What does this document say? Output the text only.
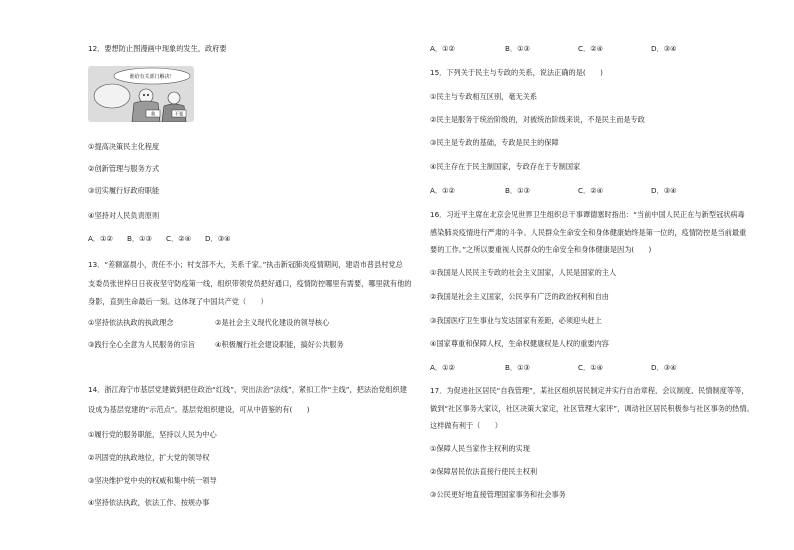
12．要想防止图漫画中现象的发生，政府要
谁给有关部门解决！
我	不要
①提高决策民主化程度
②创新管理与服务方式
③切实履行好政府职能
④坚持对人民负责原则
A．①② B．①③ C．②④ D．③④
13．“差额富晨小，责任不小；村支部不大，关系千家。”执击新冠肺炎疫情期间，建语市普县村党总
支委员张世梓日日夜夜坚守防疫第一线，组织带领党员把好通口，疫情防控哪里有需要，哪里就有他的
身影，直到生命最后一刻。这体现了中国共产党（　　）
①坚持依法执政的执政理念	②是社会主义现代化建设的领导核心
③践行全心全意为人民服务的宗旨	④积极履行社会建设职能，搞好公共服务
14．浙江海宁市基层党建做到把住政治“红线”，突出法治“法线”，紧扣工作“主线”，把法治党组织建
设成为基层党建的“示范点”。基层党组织建设，可从中借鉴的有(　　)
①履行党的服务职能，坚持以人民为中心
②巩固党的执政地位，扩大党的领导权
③坚决维护党中央的权威和集中统一领导
④坚持依法执政，依法工作、按规办事
A．①②	B．①③	C．②④	D．③④
15．下列关于民主与专政的关系，说法正确的是(　　)
①民主与专政相互区别，毫无关系
②民主是服务于统治阶级的，对被统治阶级来说，不是民主而是专政
③民主是专政的基础，专政是民主的保障
④民主存在于民主制国家，专政存在于专制国家
A．①②	B．①③	C．②④	D．③④
16．习近平主席在北京会见世界卫生组织总干事谭德塞时指出：“当前中国人民正在与新型冠状病毒
感染肺炎疫情进行严肃的斗争。人民群众生命安全和身体健康始终是第一位的，疫情防控是当前最重
要的工作。”之所以要重视人民群众的生命安全和身体健康是因为(　　)
①我国是人民民主专政的社会主义国家，人民是国家的主人
②我国是社会主义国家，公民享有广泛的政治权利和自由
③我国医疗卫生事业与发达国家有差距，必须迎头赶上
④国家尊重和保障人权，生命权健康权是人权的重要内容
A．①②	B．①③	C．①④	D．③④
17．为促进社区居民“自我管理”，某社区组织居民制定并实行自治章程、会议制度、民情制度等等，
做到“社区事务大家议，社区决策大家定，社区管理大家评”，调动社区居民积极参与社区事务的热情。
这样做有利于（　　）
①保障人民当家作主权利的实现
②保障居民依法直接行使民主权利
③公民更好地直接管理国家事务和社会事务
